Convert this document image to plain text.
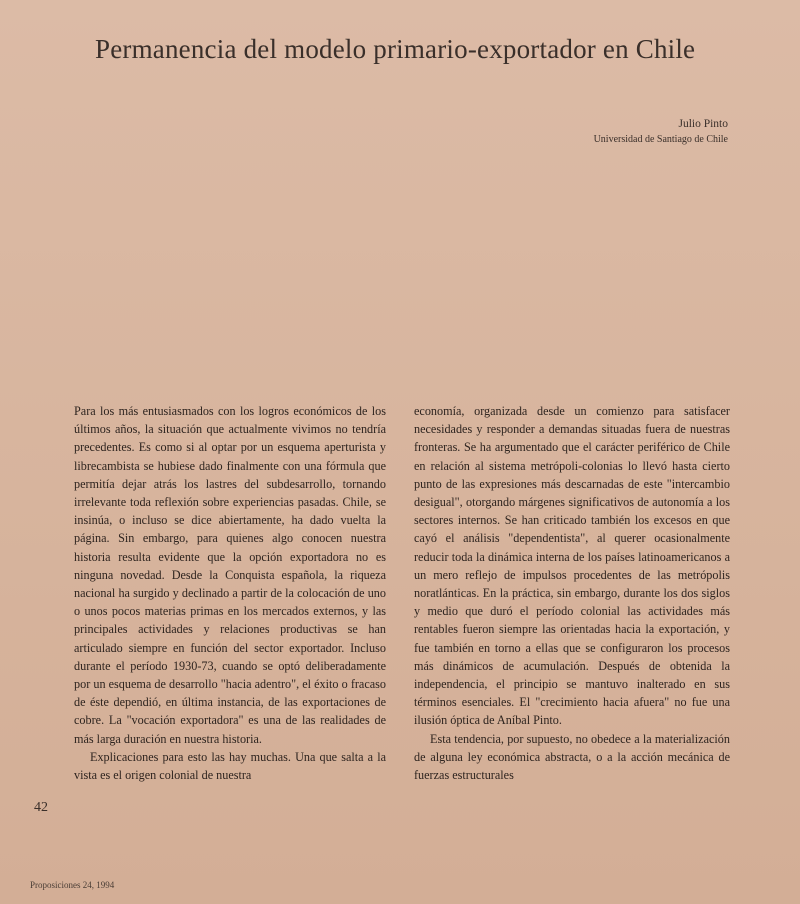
Permanencia del modelo primario-exportador en Chile
Julio Pinto
Universidad de Santiago de Chile

Para los más entusiasmados con los logros económicos de los últimos años, la situación que actualmente vivimos no tendría precedentes. Es como si al optar por un esquema aperturista y librecambista se hubiese dado finalmente con una fórmula que permitía dejar atrás los lastres del subdesarrollo, tornando irrelevante toda reflexión sobre experiencias pasadas. Chile, se insinúa, o incluso se dice abiertamente, ha dado vuelta la página. Sin embargo, para quienes algo conocen nuestra historia resulta evidente que la opción exportadora no es ninguna novedad. Desde la Conquista española, la riqueza nacional ha surgido y declinado a partir de la colocación de uno o unos pocos materias primas en los mercados externos, y las principales actividades y relaciones productivas se han articulado siempre en función del sector exportador. Incluso durante el período 1930-73, cuando se optó deliberadamente por un esquema de desarrollo "hacia adentro", el éxito o fracaso de éste dependió, en última instancia, de las exportaciones de cobre. La "vocación exportadora" es una de las realidades de más larga duración en nuestra historia.

Explicaciones para esto las hay muchas. Una que salta a la vista es el origen colonial de nuestra

economía, organizada desde un comienzo para satisfacer necesidades y responder a demandas situadas fuera de nuestras fronteras. Se ha argumentado que el carácter periférico de Chile en relación al sistema metrópoli-colonias lo llevó hasta cierto punto de las expresiones más descarnadas de este "intercambio desigual", otorgando márgenes significativos de autonomía a los sectores internos. Se han criticado también los excesos en que cayó el análisis "dependentista", al querer ocasionalmente reducir toda la dinámica interna de los países latinoamericanos a un mero reflejo de impulsos procedentes de las metrópolis noratlánticas. En la práctica, sin embargo, durante los dos siglos y medio que duró el período colonial las actividades más rentables fueron siempre las orientadas hacia la exportación, y fue también en torno a ellas que se configuraron los procesos más dinámicos de acumulación. Después de obtenida la independencia, el principio se mantuvo inalterado en sus términos esenciales. El "crecimiento hacia afuera" no fue una ilusión óptica de Aníbal Pinto.

Esta tendencia, por supuesto, no obedece a la materialización de alguna ley económica abstracta, o a la acción mecánica de fuerzas estructurales

42
Proposiciones 24, 1994
